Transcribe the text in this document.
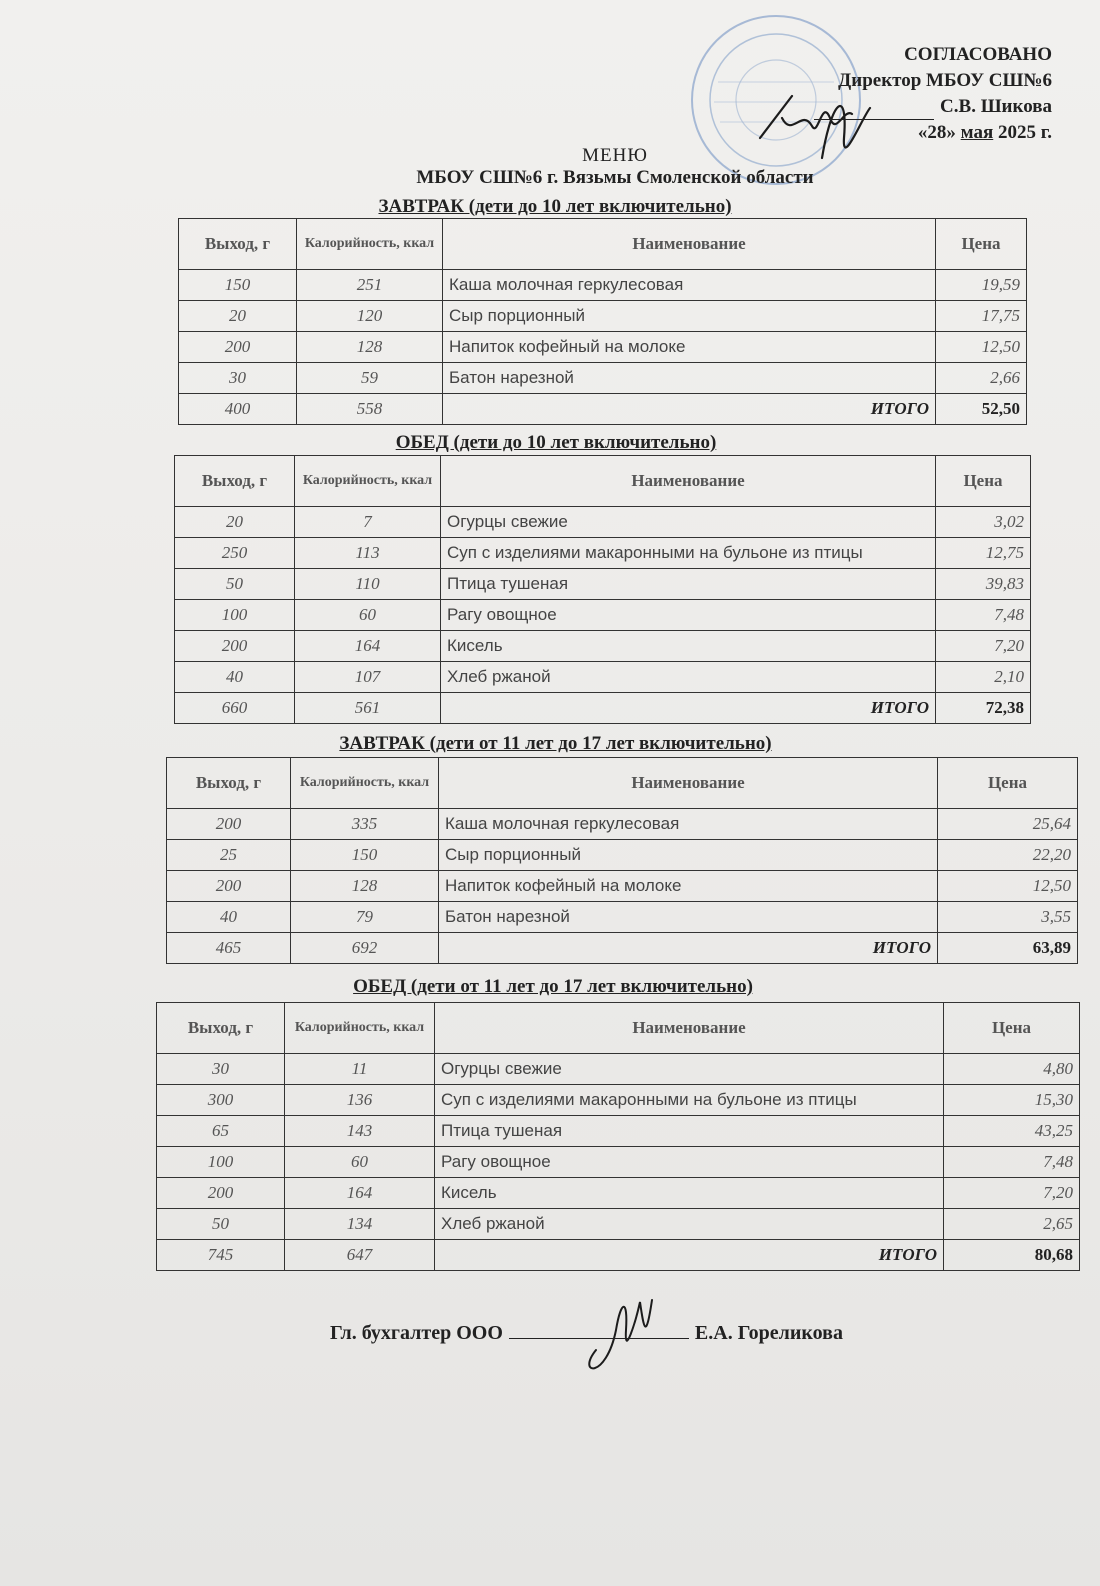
СОГЛАСОВАНО
Директор МБОУ СШ№6
С.В. Шикова
«28» мая 2025 г.
МЕНЮ
МБОУ СШ№6 г. Вязьмы Смоленской области
ЗАВТРАК (дети до 10 лет включительно)
Выход, г	Калорийность, ккал	Наименование	Цена
150	251	Каша молочная геркулесовая	19,59
20	120	Сыр порционный	17,75
200	128	Напиток кофейный на молоке	12,50
30	59	Батон нарезной	2,66
400	558	ИТОГО	52,50
ОБЕД (дети до 10 лет включительно)
Выход, г	Калорийность, ккал	Наименование	Цена
20	7	Огурцы свежие	3,02
250	113	Суп с изделиями макаронными на бульоне из птицы	12,75
50	110	Птица тушеная	39,83
100	60	Рагу овощное	7,48
200	164	Кисель	7,20
40	107	Хлеб ржаной	2,10
660	561	ИТОГО	72,38
ЗАВТРАК (дети от 11 лет до 17 лет включительно)
Выход, г	Калорийность, ккал	Наименование	Цена
200	335	Каша молочная геркулесовая	25,64
25	150	Сыр порционный	22,20
200	128	Напиток кофейный на молоке	12,50
40	79	Батон нарезной	3,55
465	692	ИТОГО	63,89
ОБЕД (дети от 11 лет до 17 лет включительно)
Выход, г	Калорийность, ккал	Наименование	Цена
30	11	Огурцы свежие	4,80
300	136	Суп с изделиями макаронными на бульоне из птицы	15,30
65	143	Птица тушеная	43,25
100	60	Рагу овощное	7,48
200	164	Кисель	7,20
50	134	Хлеб ржаной	2,65
745	647	ИТОГО	80,68
Гл. бухгалтер ООО	Е.А. Гореликова
